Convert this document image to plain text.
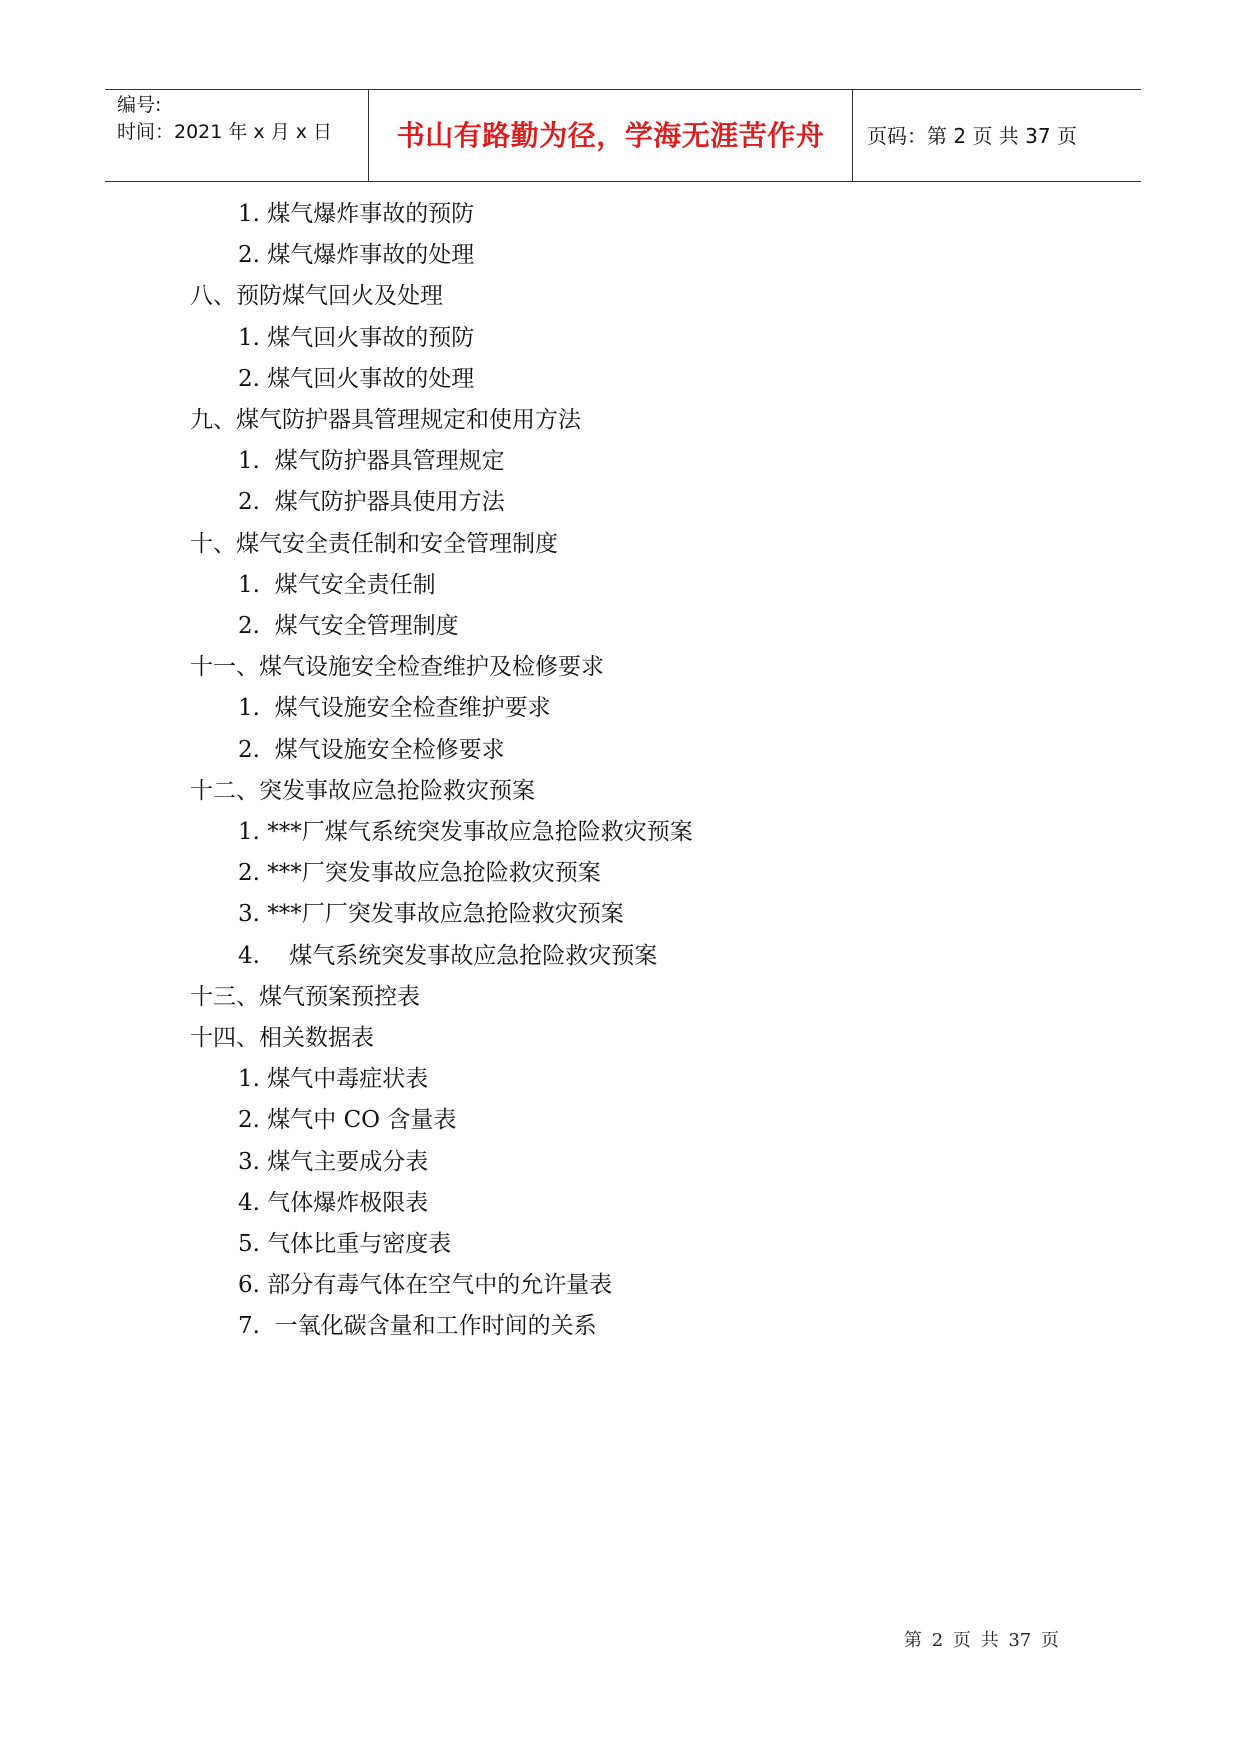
编号:
时间：2021 年 x 月 x 日 书山有路勤为径，学海无涯苦作舟 页码：第 2 页 共 37 页
1. 煤气爆炸事故的预防
2. 煤气爆炸事故的处理
八、预防煤气回火及处理
1. 煤气回火事故的预防
2. 煤气回火事故的处理
九、煤气防护器具管理规定和使用方法
1.  煤气防护器具管理规定
2.  煤气防护器具使用方法
十、煤气安全责任制和安全管理制度
1.  煤气安全责任制
2.  煤气安全管理制度
十一、煤气设施安全检查维护及检修要求
1.  煤气设施安全检查维护要求
2.  煤气设施安全检修要求
十二、突发事故应急抢险救灾预案
1. ***厂煤气系统突发事故应急抢险救灾预案
2. ***厂突发事故应急抢险救灾预案
3. ***厂厂突发事故应急抢险救灾预案
4.    煤气系统突发事故应急抢险救灾预案
十三、煤气预案预控表
十四、相关数据表
1. 煤气中毒症状表
2. 煤气中 CO 含量表
3. 煤气主要成分表
4. 气体爆炸极限表
5. 气体比重与密度表
6. 部分有毒气体在空气中的允许量表
7.  一氧化碳含量和工作时间的关系
第 2 页 共 37 页
